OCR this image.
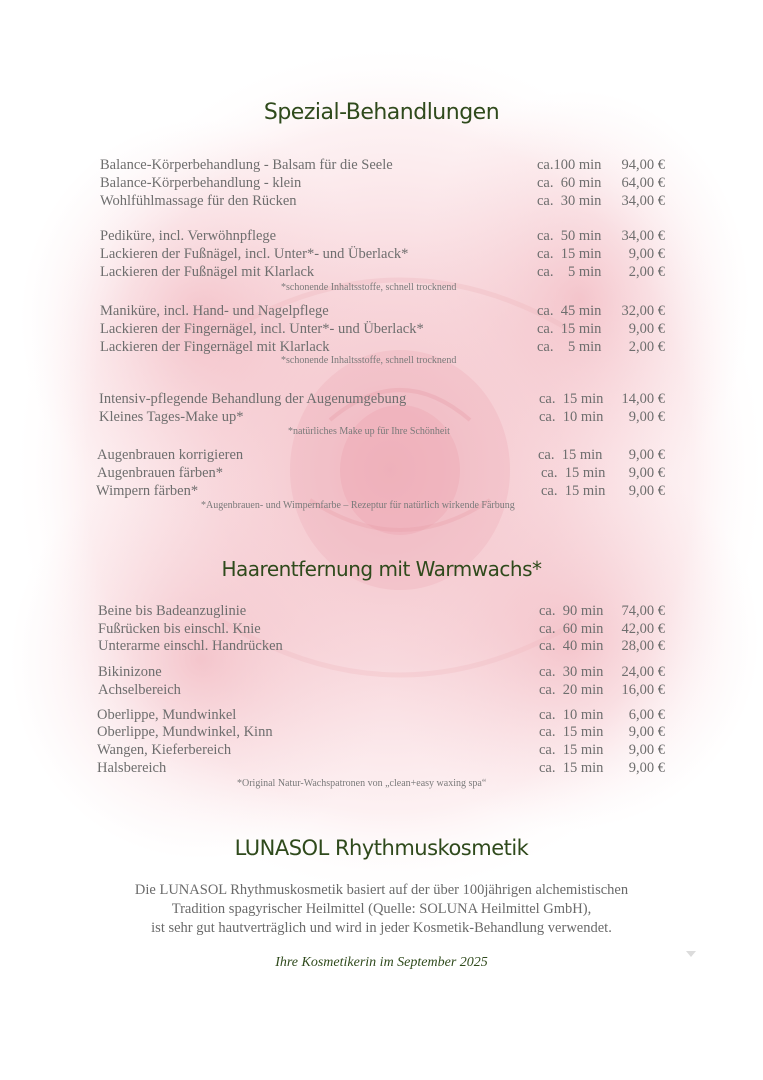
Spezial-Behandlungen
Balance-Körperbehandlung - Balsam für die Seele	ca.100 min	94,00 €
Balance-Körperbehandlung - klein	ca.  60 min	64,00 €
Wohlfühlmassage für den Rücken	ca.  30 min	34,00 €
Pediküre, incl. Verwöhnpflege	ca.  50 min	34,00 €
Lackieren der Fußnägel, incl. Unter*- und Überlack*	ca.  15 min	9,00 €
Lackieren der Fußnägel mit Klarlack	ca.    5 min	2,00 €
*schonende Inhaltsstoffe, schnell trocknend
Maniküre, incl. Hand- und Nagelpflege	ca.  45 min	32,00 €
Lackieren der Fingernägel, incl. Unter*- und Überlack*	ca.  15 min	9,00 €
Lackieren der Fingernägel mit Klarlack	ca.    5 min	2,00 €
*schonende Inhaltsstoffe, schnell trocknend
Intensiv-pflegende Behandlung der Augenumgebung	ca.  15 min	14,00 €
Kleines Tages-Make up*	ca.  10 min	9,00 €
*natürliches Make up für Ihre Schönheit
Augenbrauen korrigieren	ca.  15 min	9,00 €
Augenbrauen färben*	ca.  15 min	9,00 €
Wimpern färben*	ca.  15 min	9,00 €
*Augenbrauen- und Wimpernfarbe – Rezeptur für natürlich wirkende Färbung
Haarentfernung mit Warmwachs*
Beine bis Badeanzuglinie	ca.  90 min	74,00 €
Fußrücken bis einschl. Knie	ca.  60 min	42,00 €
Unterarme einschl. Handrücken	ca.  40 min	28,00 €
Bikinizone	ca.  30 min	24,00 €
Achselbereich	ca.  20 min	16,00 €
Oberlippe, Mundwinkel	ca.  10 min	6,00 €
Oberlippe, Mundwinkel, Kinn	ca.  15 min	9,00 €
Wangen, Kieferbereich	ca.  15 min	9,00 €
Halsbereich	ca.  15 min	9,00 €
*Original Natur-Wachspatronen von „clean+easy waxing spa“
LUNASOL Rhythmuskosmetik
Die LUNASOL Rhythmuskosmetik basiert auf der über 100jährigen alchemistischen
Tradition spagyrischer Heilmittel (Quelle: SOLUNA Heilmittel GmbH),
ist sehr gut hautverträglich und wird in jeder Kosmetik-Behandlung verwendet.
Ihre Kosmetikerin im September 2025
